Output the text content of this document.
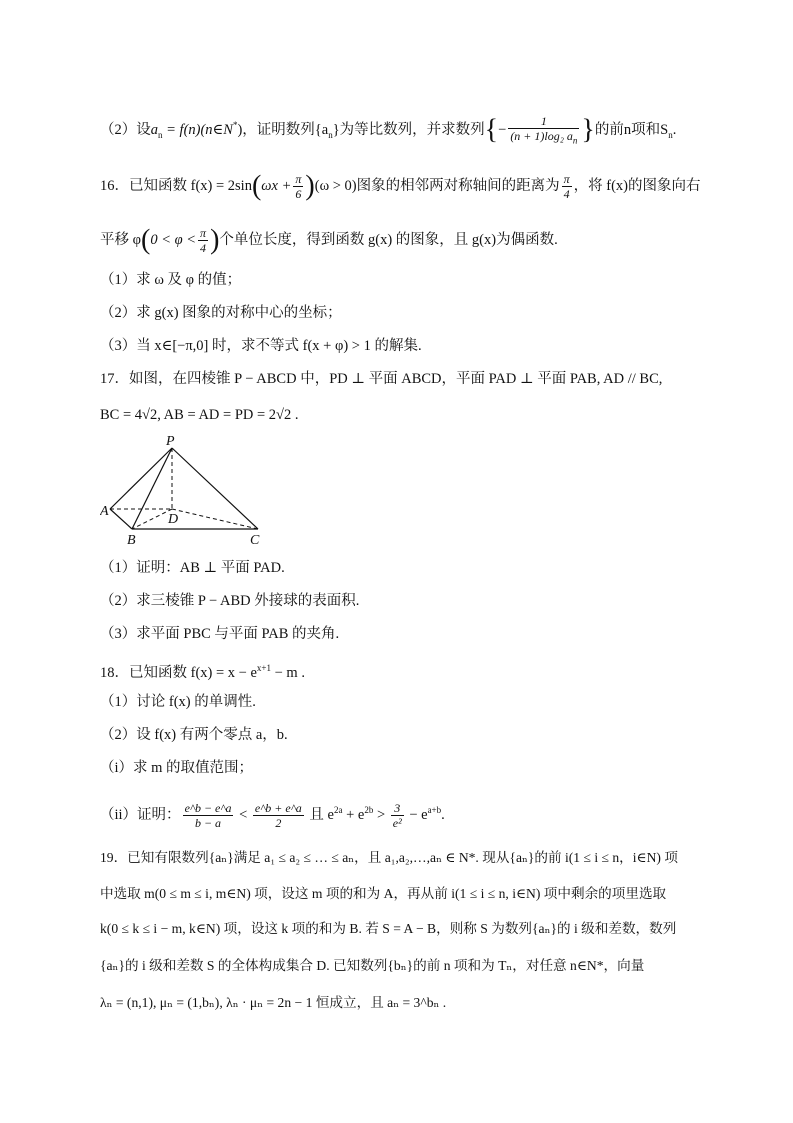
（2）设$a_n$ = f(n)(n∈N*)，证明数列$\{a_n\}$为等比数列，并求数列{− $\frac{1}{(n + 1)\log_2 a_n}$ }的前n项和$S_n$.
16．已知函数 $f(x) = 2\sin(\omega x + \frac{\pi}{6} )(\omega > 0)$图象的相邻两对称轴间的距离为 $\frac{\pi}{4}$ ，将 f(x)的图象向右
平移 $\varphi(0 < \varphi < \frac{\pi}{4}$ )个单位长度，得到函数 g(x) 的图象，且 g(x)为偶函数.
（1）求 ω 及 φ 的值；
（2）求 g(x) 图象的对称中心的坐标；
（3）当 x∈[−π,0] 时，求不等式 f(x + φ) > 1 的解集.
17．如图，在四棱锥 P − ABCD 中，PD ⊥ 平面 ABCD，平面 PAD ⊥ 平面 PAB, AD // BC,
BC = 4√2, AB = AD = PD = 2√2 .
P
A
D
B	C
（1）证明：AB ⊥ 平面 PAD.
（2）求三棱锥 P − ABD 外接球的表面积.
（3）求平面 PBC 与平面 PAB 的夹角.
18．已知函数 $f(x) = x - e^{x+1} - m$ .
（1）讨论 f(x) 的单调性.
（2）设 f(x) 有两个零点 a，b.
（i）求 m 的取值范围；
（ii）证明： $\frac{e\^{}b - e\^{}a}{b - a} < \frac{e\^{}b + e\^{}a}{2}$ 且 $e^{2a} + e^{2b} > \frac{3}{\text{e²}} - e^{a+b}$.
19．已知有限数列{aₙ}满足 a₁ ≤ a₂ ≤ … ≤ aₙ，且 a₁,a₂,…,aₙ ∈ N*. 现从{aₙ}的前 i(1 ≤ i ≤ n，i∈N) 项
中选取 m(0 ≤ m ≤ i, m∈N) 项，设这 m 项的和为 A，再从前 i(1 ≤ i ≤ n, i∈N) 项中剩余的项里选取
k(0 ≤ k ≤ i − m, k∈N) 项，设这 k 项的和为 B. 若 S = A − B，则称 S 为数列{aₙ}的 i 级和差数，数列
{aₙ}的 i 级和差数 S 的全体构成集合 D. 已知数列{bₙ}的前 n 项和为 Tₙ，对任意 n∈N*，向量
λₙ = (n,1), μₙ = (1,bₙ), λₙ · μₙ = 2n − 1 恒成立，且 aₙ = 3^bₙ .
